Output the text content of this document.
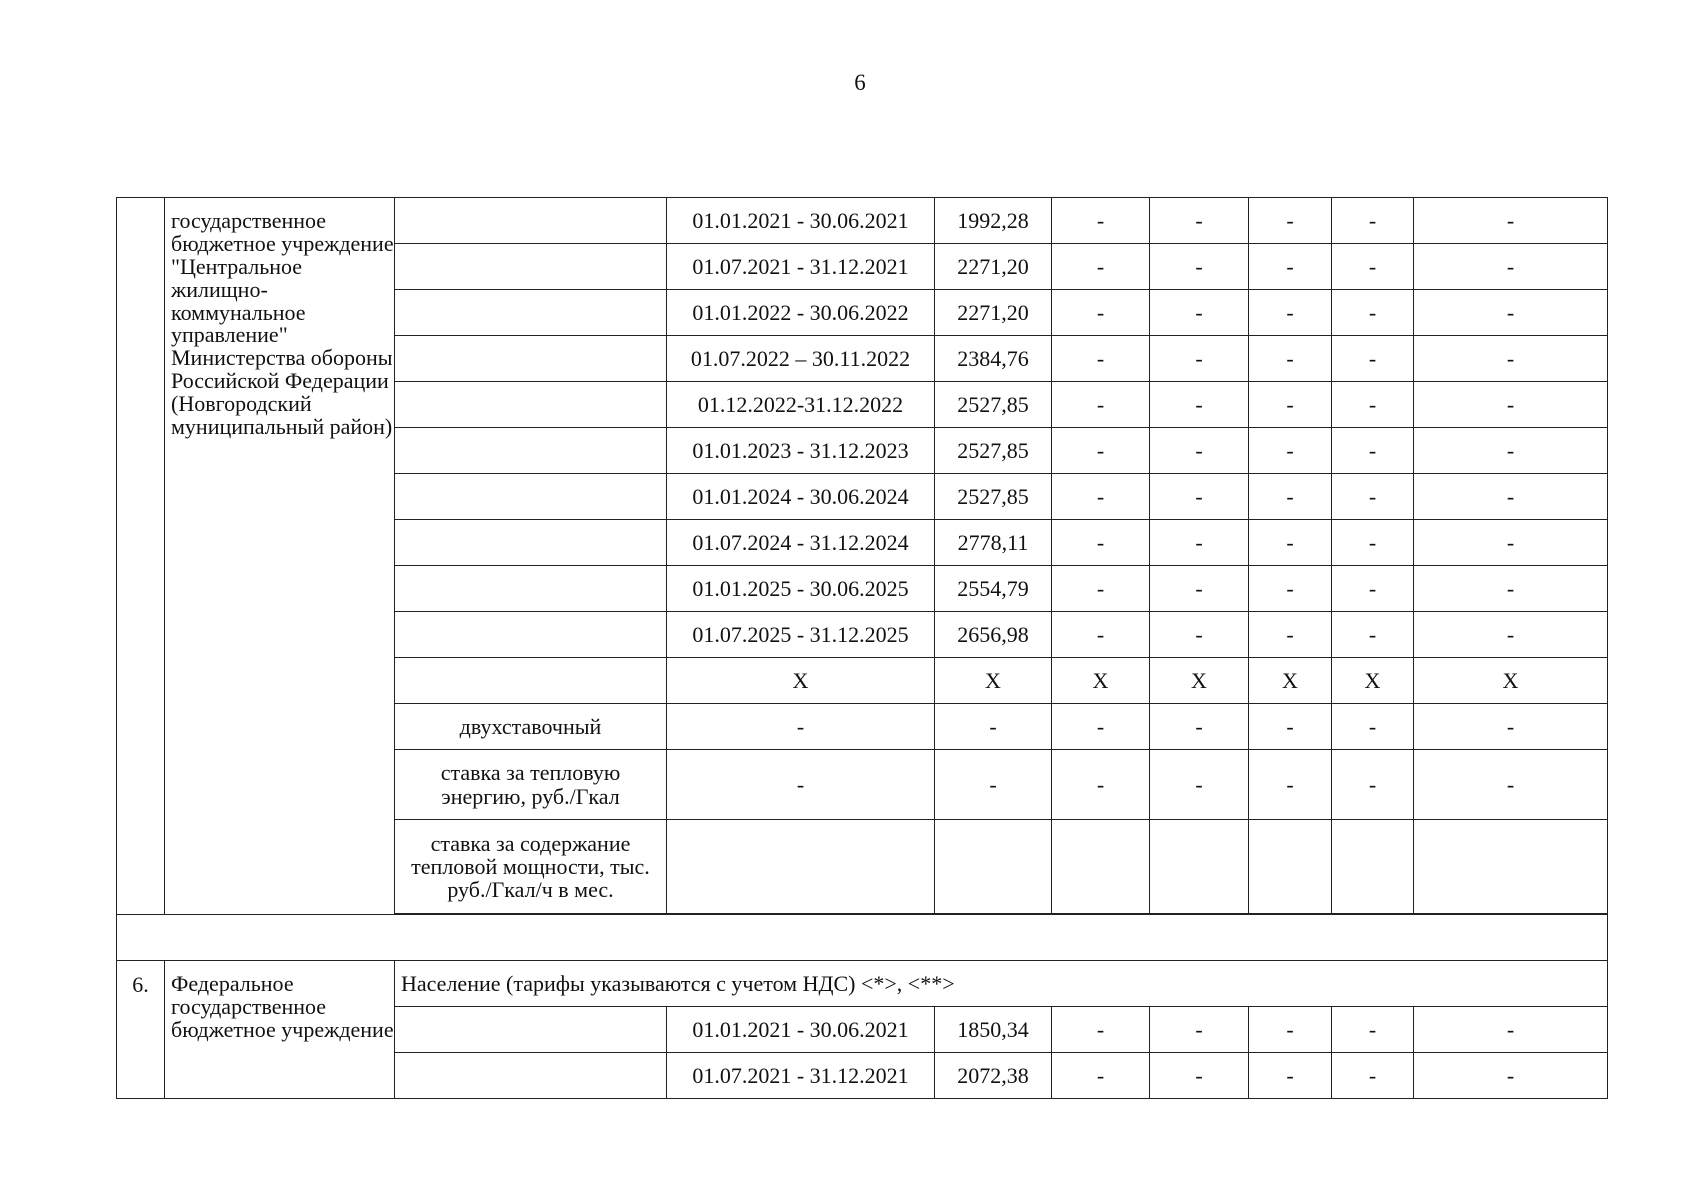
6
	государственное бюджетное учреждение "Центральное жилищно-коммунальное управление" Министерства обороны Российской Федерации (Новгородский муниципальный район)		01.01.2021 - 30.06.2021	1992,28	-	-	-	-	-
			01.07.2021 - 31.12.2021	2271,20	-	-	-	-	-
			01.01.2022 - 30.06.2022	2271,20	-	-	-	-	-
			01.07.2022 – 30.11.2022	2384,76	-	-	-	-	-
			01.12.2022-31.12.2022	2527,85	-	-	-	-	-
			01.01.2023 - 31.12.2023	2527,85	-	-	-	-	-
			01.01.2024 - 30.06.2024	2527,85	-	-	-	-	-
			01.07.2024 - 31.12.2024	2778,11	-	-	-	-	-
			01.01.2025 - 30.06.2025	2554,79	-	-	-	-	-
			01.07.2025 - 31.12.2025	2656,98	-	-	-	-	-
			X	X	X	X	X	X	X
		двухставочный	-	-	-	-	-	-	-
		ставка за тепловую энергию, руб./Гкал	-	-	-	-	-	-	-
		ставка за содержание тепловой мощности, тыс. руб./Гкал/ч в мес.							

6.	Федеральное государственное бюджетное учреждение	Население (тарифы указываются с учетом НДС) <*>, <**>							
			01.01.2021 - 30.06.2021	1850,34	-	-	-	-	-
			01.07.2021 - 31.12.2021	2072,38	-	-	-	-	-
